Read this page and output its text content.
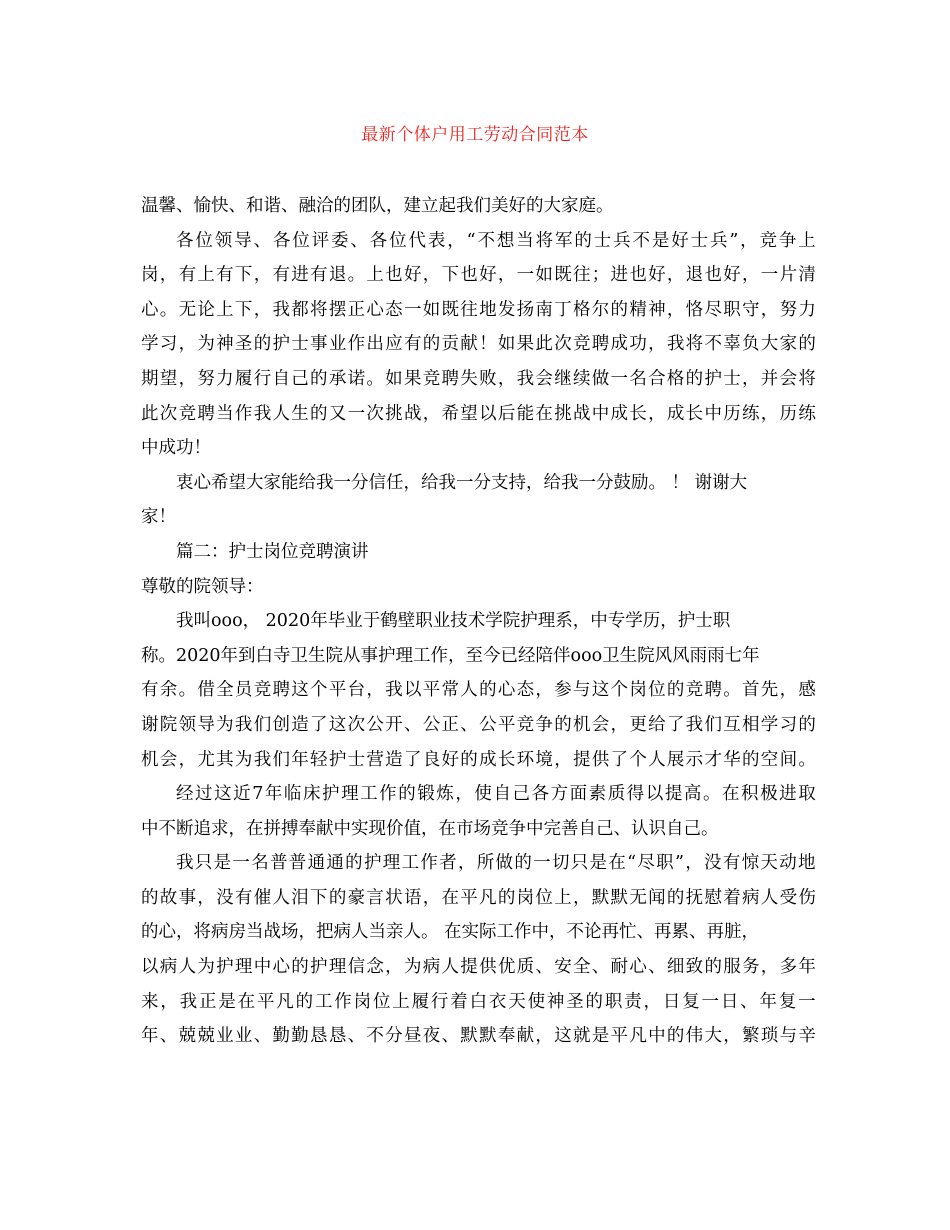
最新个体户用工劳动合同范本
温馨、愉快、和谐、融洽的团队，建立起我们美好的大家庭。
各 位 领 导 、 各 位 评 委 、 各 位 代 表 ， “ 不 想 当 将 军 的 士 兵 不 是 好 士 兵 ” ， 竞 争 上
岗 ， 有 上 有 下 ， 有 进 有 退 。 上 也 好 ， 下 也 好 ， 一 如 既 往 ； 进 也 好 ， 退 也 好 ， 一 片 清
心 。 无 论 上 下 ， 我 都 将 摆 正 心 态 一 如 既 往 地 发 扬 南 丁 格 尔 的 精 神 ， 恪 尽 职 守 ， 努 力
学 习 ， 为 神 圣 的 护 士 事 业 作 出 应 有 的 贡 献 ！ 如 果 此 次 竞 聘 成 功 ， 我 将 不 辜 负 大 家 的
期 望 ， 努 力 履 行 自 己 的 承 诺 。 如 果 竞 聘 失 败 ， 我 会 继 续 做 一 名 合 格 的 护 士 ， 并 会 将
此 次 竞 聘 当 作 我 人 生 的 又 一 次 挑 战 ， 希 望 以 后 能 在 挑 战 中 成 长 ， 成 长 中 历 练 ， 历 练
中成功！
衷心希望大家能给我一分信任，给我一分支持，给我一分鼓励。 ！ 谢谢大
家！
篇二：护士岗位竞聘演讲
尊敬的院领导：
我叫ooo， 2020年毕业于鹤壁职业技术学院护理系，中专学历，护士职
称。2020年到白寺卫生院从事护理工作，至今已经陪伴ooo卫生院风风雨雨七年
有 余 。 借 全 员 竞 聘 这 个 平 台 ， 我 以 平 常 人 的 心 态 ， 参 与 这 个 岗 位 的 竞 聘 。 首 先 ， 感
谢 院 领 导 为 我 们 创 造 了 这 次 公 开 、 公 正 、 公 平 竞 争 的 机 会 ， 更 给 了 我 们 互 相 学 习 的
机 会 ， 尤 其 为 我 们 年 轻 护 士 营 造 了 良 好 的 成 长 环 境 ， 提 供 了 个 人 展 示 才 华 的 空 间 。
经 过 这 近 7 年 临 床 护 理 工 作 的 锻 炼 ， 使 自 己 各 方 面 素 质 得 以 提 高 。 在 积 极 进 取
中不断追求，在拼搏奉献中实现价值，在市场竞争中完善自己、认识自己。
我 只 是 一 名 普 普 通 通 的 护 理 工 作 者 ， 所 做 的 一 切 只 是 在 “ 尽 职 ” ， 没 有 惊 天 动 地
的 故 事 ， 没 有 催 人 泪 下 的 豪 言 状 语 ， 在 平 凡 的 岗 位 上 ， 默 默 无 闻 的 抚 慰 着 病 人 受 伤
的心，将病房当战场，把病人当亲人。 在实际工作中，不论再忙、再累、再脏，
以 病 人 为 护 理 中 心 的 护 理 信 念 ， 为 病 人 提 供 优 质 、 安 全 、 耐 心 、 细 致 的 服 务 ， 多 年
来 ， 我 正 是 在 平 凡 的 工 作 岗 位 上 履 行 着 白 衣 天 使 神 圣 的 职 责 ， 日 复 一 日 、 年 复 一
年 、 兢 兢 业 业 、 勤 勤 恳 恳 、 不 分 昼 夜 、 默 默 奉 献 ， 这 就 是 平 凡 中 的 伟 大 ， 繁 琐 与 辛
